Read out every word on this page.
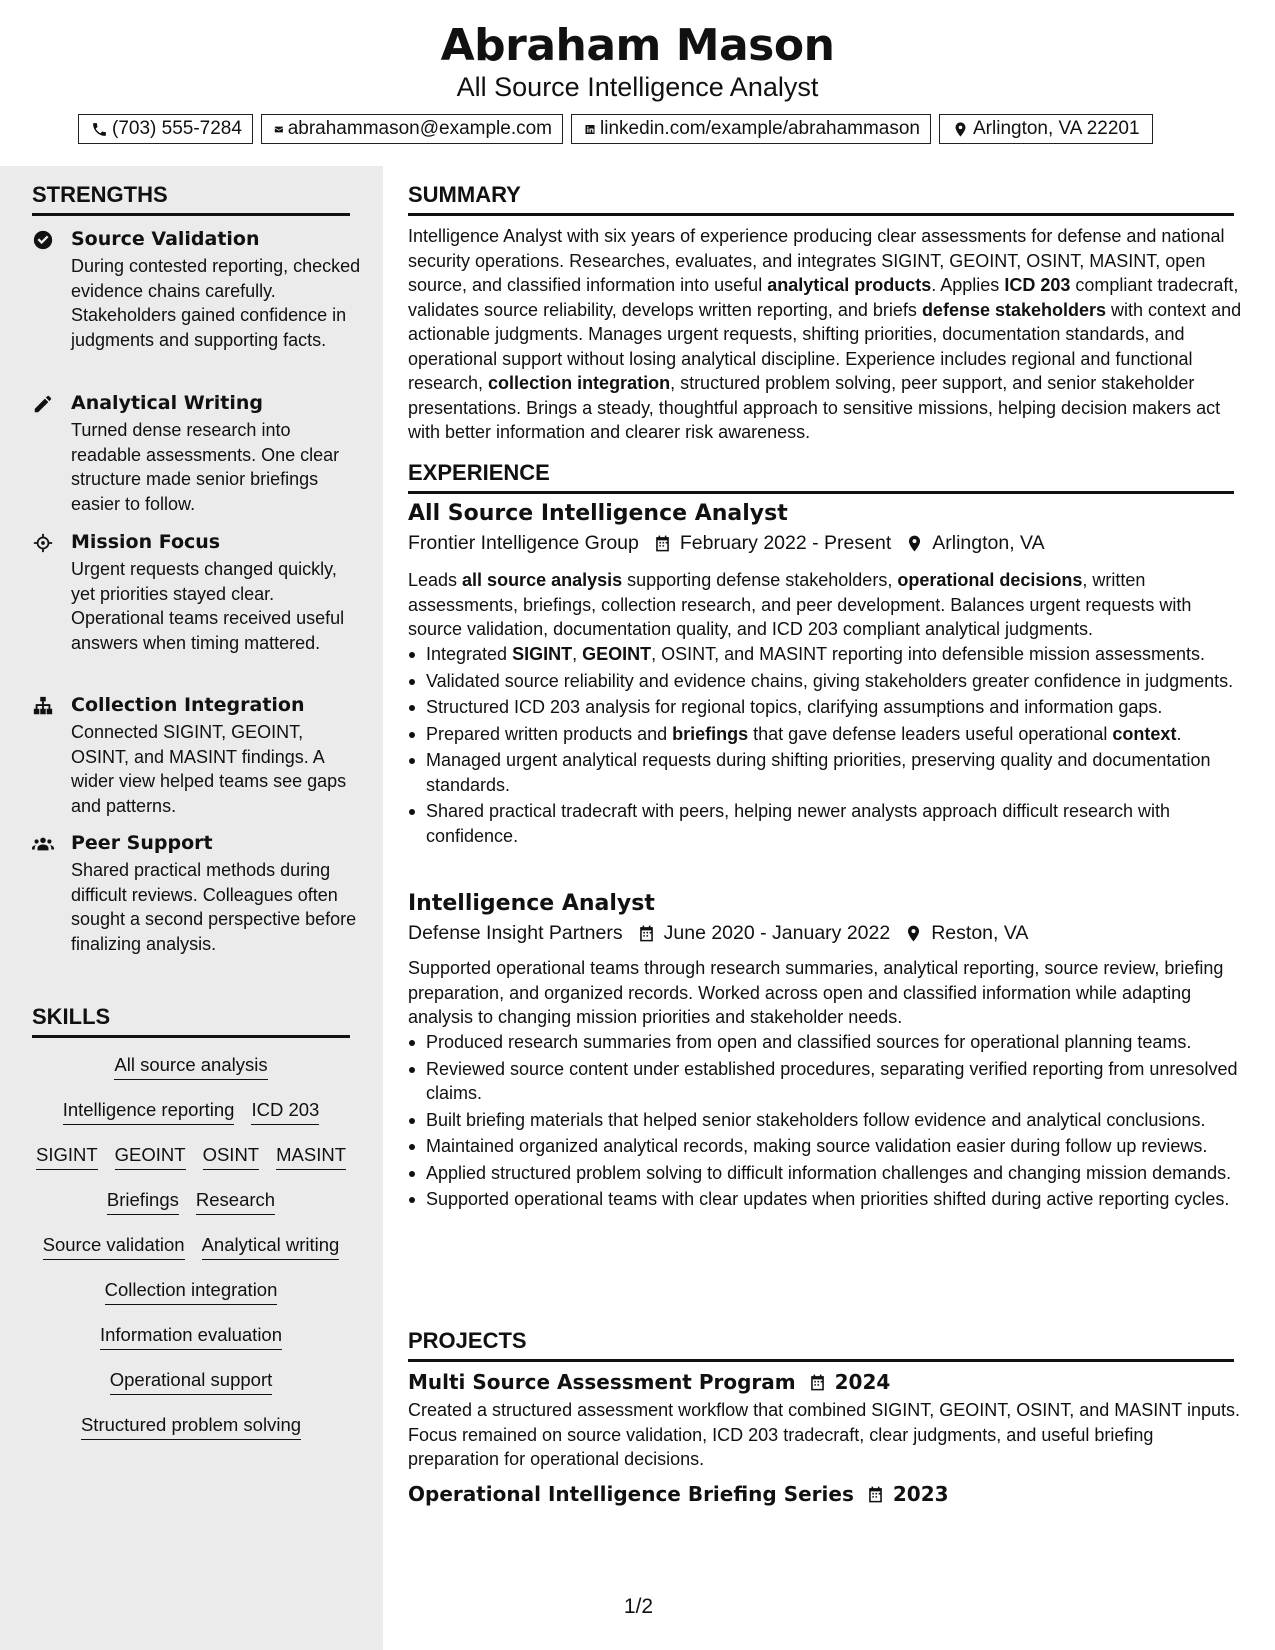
Abraham Mason
All Source Intelligence Analyst
(703) 555-7284 abrahammason@example.com	linkedin.com/example/abrahammason	Arlington, VA 22201
STRENGTHS
Source Validation
During contested reporting, checked evidence chains carefully. Stakeholders gained confidence in judgments and supporting facts.
Analytical Writing
Turned dense research into readable assessments. One clear structure made senior briefings easier to follow.
Mission Focus
Urgent requests changed quickly, yet priorities stayed clear. Operational teams received useful answers when timing mattered.
Collection Integration
Connected SIGINT, GEOINT, OSINT, and MASINT findings. A wider view helped teams see gaps and patterns.
Peer Support
Shared practical methods during difficult reviews. Colleagues often sought a second perspective before finalizing analysis.
SKILLS
All source analysis
Intelligence reporting ICD 203
SIGINT GEOINT OSINT MASINT
Briefings Research
Source validation Analytical writing
Collection integration
Information evaluation
Operational support
Structured problem solving
SUMMARY
Intelligence Analyst with six years of experience producing clear assessments for defense and national security operations. Researches, evaluates, and integrates SIGINT, GEOINT, OSINT, MASINT, open source, and classified information into useful analytical products. Applies ICD 203 compliant tradecraft, validates source reliability, develops written reporting, and briefs defense stakeholders with context and actionable judgments. Manages urgent requests, shifting priorities, documentation standards, and operational support without losing analytical discipline. Experience includes regional and functional research, collection integration, structured problem solving, peer support, and senior stakeholder presentations. Brings a steady, thoughtful approach to sensitive missions, helping decision makers act with better information and clearer risk awareness.
EXPERIENCE
All Source Intelligence Analyst
Frontier Intelligence Group February 2022 - Present Arlington, VA
Leads all source analysis supporting defense stakeholders, operational decisions, written assessments, briefings, collection research, and peer development. Balances urgent requests with source validation, documentation quality, and ICD 203 compliant analytical judgments.
Integrated SIGINT, GEOINT, OSINT, and MASINT reporting into defensible mission assessments.
Validated source reliability and evidence chains, giving stakeholders greater confidence in judgments.
Structured ICD 203 analysis for regional topics, clarifying assumptions and information gaps.
Prepared written products and briefings that gave defense leaders useful operational context.
Managed urgent analytical requests during shifting priorities, preserving quality and documentation standards.
Shared practical tradecraft with peers, helping newer analysts approach difficult research with confidence.
Intelligence Analyst
Defense Insight Partners June 2020 - January 2022 Reston, VA
Supported operational teams through research summaries, analytical reporting, source review, briefing preparation, and organized records. Worked across open and classified information while adapting analysis to changing mission priorities and stakeholder needs.
Produced research summaries from open and classified sources for operational planning teams.
Reviewed source content under established procedures, separating verified reporting from unresolved claims.
Built briefing materials that helped senior stakeholders follow evidence and analytical conclusions.
Maintained organized analytical records, making source validation easier during follow up reviews.
Applied structured problem solving to difficult information challenges and changing mission demands.
Supported operational teams with clear updates when priorities shifted during active reporting cycles.
PROJECTS
Multi Source Assessment Program 2024
Created a structured assessment workflow that combined SIGINT, GEOINT, OSINT, and MASINT inputs. Focus remained on source validation, ICD 203 tradecraft, clear judgments, and useful briefing preparation for operational decisions.
Operational Intelligence Briefing Series 2023
1/2
